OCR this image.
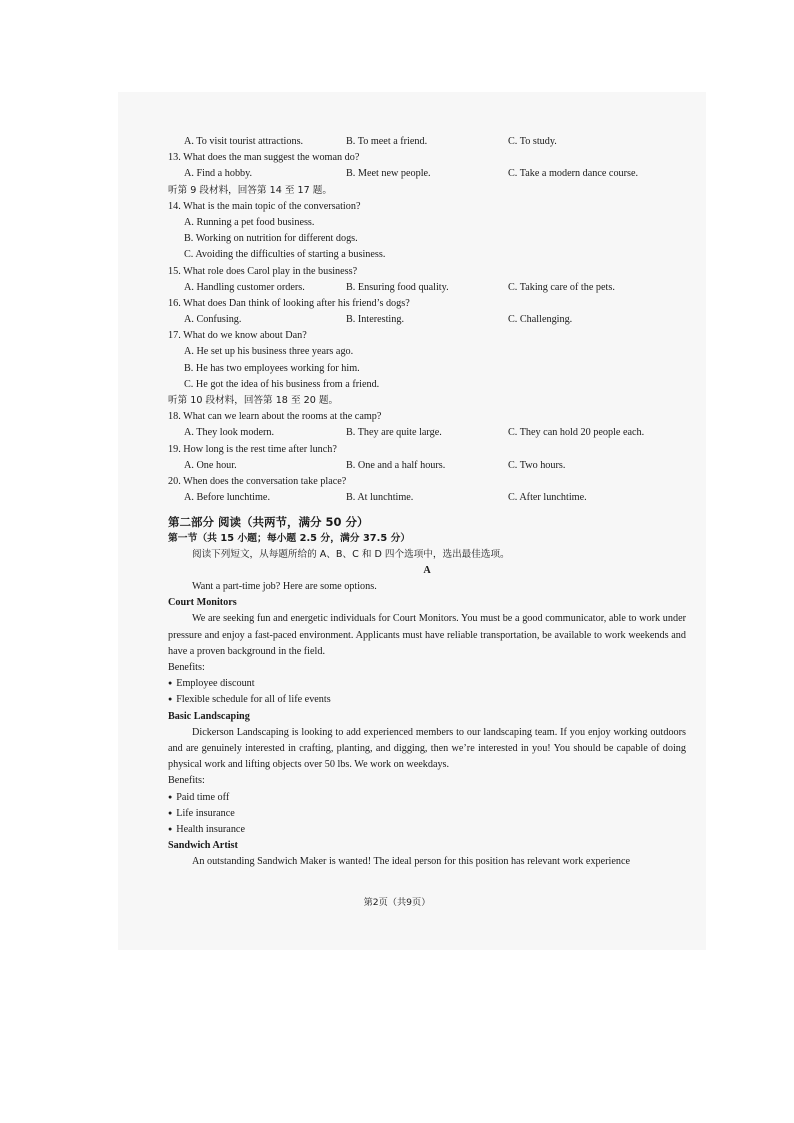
A. To visit tourist attractions.	B. To meet a friend.	C. To study.
13. What does the man suggest the woman do?
A. Find a hobby.	B. Meet new people.	C. Take a modern dance course.
听第 9 段材料，回答第 14 至 17 题。
14. What is the main topic of the conversation?
A. Running a pet food business.
B. Working on nutrition for different dogs.
C. Avoiding the difficulties of starting a business.
15. What role does Carol play in the business?
A. Handling customer orders.	B. Ensuring food quality.	C. Taking care of the pets.
16. What does Dan think of looking after his friend’s dogs?
A. Confusing.	B. Interesting.	C. Challenging.
17. What do we know about Dan?
A. He set up his business three years ago.
B. He has two employees working for him.
C. He got the idea of his business from a friend.
听第 10 段材料，回答第 18 至 20 题。
18. What can we learn about the rooms at the camp?
A. They look modern.	B. They are quite large.	C. They can hold 20 people each.
19. How long is the rest time after lunch?
A. One hour.	B. One and a half hours.	C. Two hours.
20. When does the conversation take place?
A. Before lunchtime.	B. At lunchtime.	C. After lunchtime.
第二部分 阅读（共两节，满分 50 分）
第一节（共 15 小题；每小题 2.5 分，满分 37.5 分）
阅读下列短文，从每题所给的 A、B、C 和 D 四个选项中，选出最佳选项。
A
Want a part-time job? Here are some options.
Court Monitors

We are seeking fun and energetic individuals for Court Monitors. You must be a good communicator, able to work under pressure and enjoy a fast-paced environment. Applicants must have reliable transportation, be available to work weekends and have a proven background in the field.

Benefits:
● Employee discount
● Flexible schedule for all of life events
Basic Landscaping

Dickerson Landscaping is looking to add experienced members to our landscaping team. If you enjoy working outdoors and are genuinely interested in crafting, planting, and digging, then we’re interested in you! You should be capable of doing physical work and lifting objects over 50 lbs. We work on weekdays.

Benefits:
● Paid time off
● Life insurance
● Health insurance
Sandwich Artist

An outstanding Sandwich Maker is wanted! The ideal person for this position has relevant work experience

第2页（共9页）
